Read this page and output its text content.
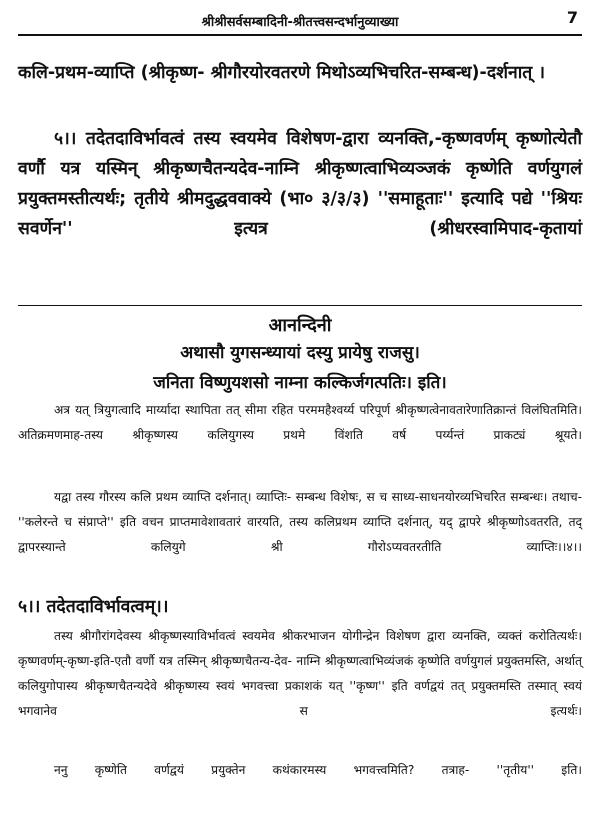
श्रीश्रीसर्वसम्बादिनी-श्रीतत्त्वसन्दर्भानुव्याख्या	7

कलि-प्रथम-व्याप्ति (श्रीकृष्ण- श्रीगौरयोरवतरणे मिथोऽव्यभिचरित-सम्बन्ध)-दर्शनात् ।

५।। तदेतदाविर्भावत्वं तस्य स्वयमेव विशेषण-द्वारा व्यनक्ति,-कृष्णवर्णम् कृष्णोत्येतौ वर्णौ यत्र यस्मिन् श्रीकृष्णचैतन्यदेव-नाम्नि श्रीकृष्णत्वाभिव्यञ्जकं कृष्णेति वर्णयुगलं प्रयुक्तमस्तीत्यर्थः; तृतीये श्रीमदुद्धववाक्ये (भा० ३/३/३) ''समाहूताः'' इत्यादि पद्ये ''श्रियः सवर्णेन'' इत्यत्र (श्रीधरस्वामिपाद-कृतायां

आनन्दिनी

अथासौ युगसन्ध्यायां दस्यु प्रायेषु राजसु।

जनिता विष्णुयशसो नाम्ना कल्किर्जगत्पतिः। इति।

अत्र यत् त्रियुगत्वादि मार्य्यादा स्थापिता तत् सीमा रहित परममहैश्वर्य्य परिपूर्ण श्रीकृष्णत्वेनावतारेणातिक्रान्तं विलंघितमिति। अतिक्रमणमाह-तस्य श्रीकृष्णस्य कलियुगस्य प्रथमे विंशति वर्ष पर्य्यन्तं प्राकट्यं श्रूयते।

यद्वा तस्य गौरस्य कलि प्रथम व्याप्ति दर्शनात्। व्याप्तिः- सम्बन्ध विशेषः, स च साध्य-साधनयोरव्यभिचरित सम्बन्धः। तथाच-''कलेरन्ते च संप्राप्ते'' इति वचन प्राप्तमावेशावतारं वारयति, तस्य कलिप्रथम व्याप्ति दर्शनात्, यद् द्वापरे श्रीकृष्णोऽवतरति, तद् द्वापरस्यान्ते कलियुगे श्री गौरोऽप्यवतरतीति व्याप्तिः।।४।।

५।। तदेतदाविर्भावत्वम्।।

तस्य श्रीगौरांगदेवस्य श्रीकृष्णस्याविर्भावत्वं स्वयमेव श्रीकरभाजन योगीन्द्रेन विशेषण द्वारा व्यनक्ति, व्यक्तं करोतित्यर्थः। कृष्णवर्णम्-कृष्ण-इति-एतौ वर्णौ यत्र तस्मिन् श्रीकृष्णचैतन्य-देव- नाम्नि श्रीकृष्णत्वाभिव्यंजकं कृष्णेति वर्णयुगलं प्रयुक्तमस्ति, अर्थात् कलियुगोपास्य श्रीकृष्णचैतन्यदेवे श्रीकृष्णस्य स्वयं भगवत्त्वा प्रकाशकं यत् ''कृष्ण'' इति वर्णद्वयं तत् प्रयुक्तमस्ति तस्मात् स्वयं भगवानेव स इत्यर्थः।

ननु कृष्णेति वर्णद्वयं प्रयुक्तेन कथंकारमस्य भगवत्त्वमिति? तत्राह- ''तृतीय'' इति।
